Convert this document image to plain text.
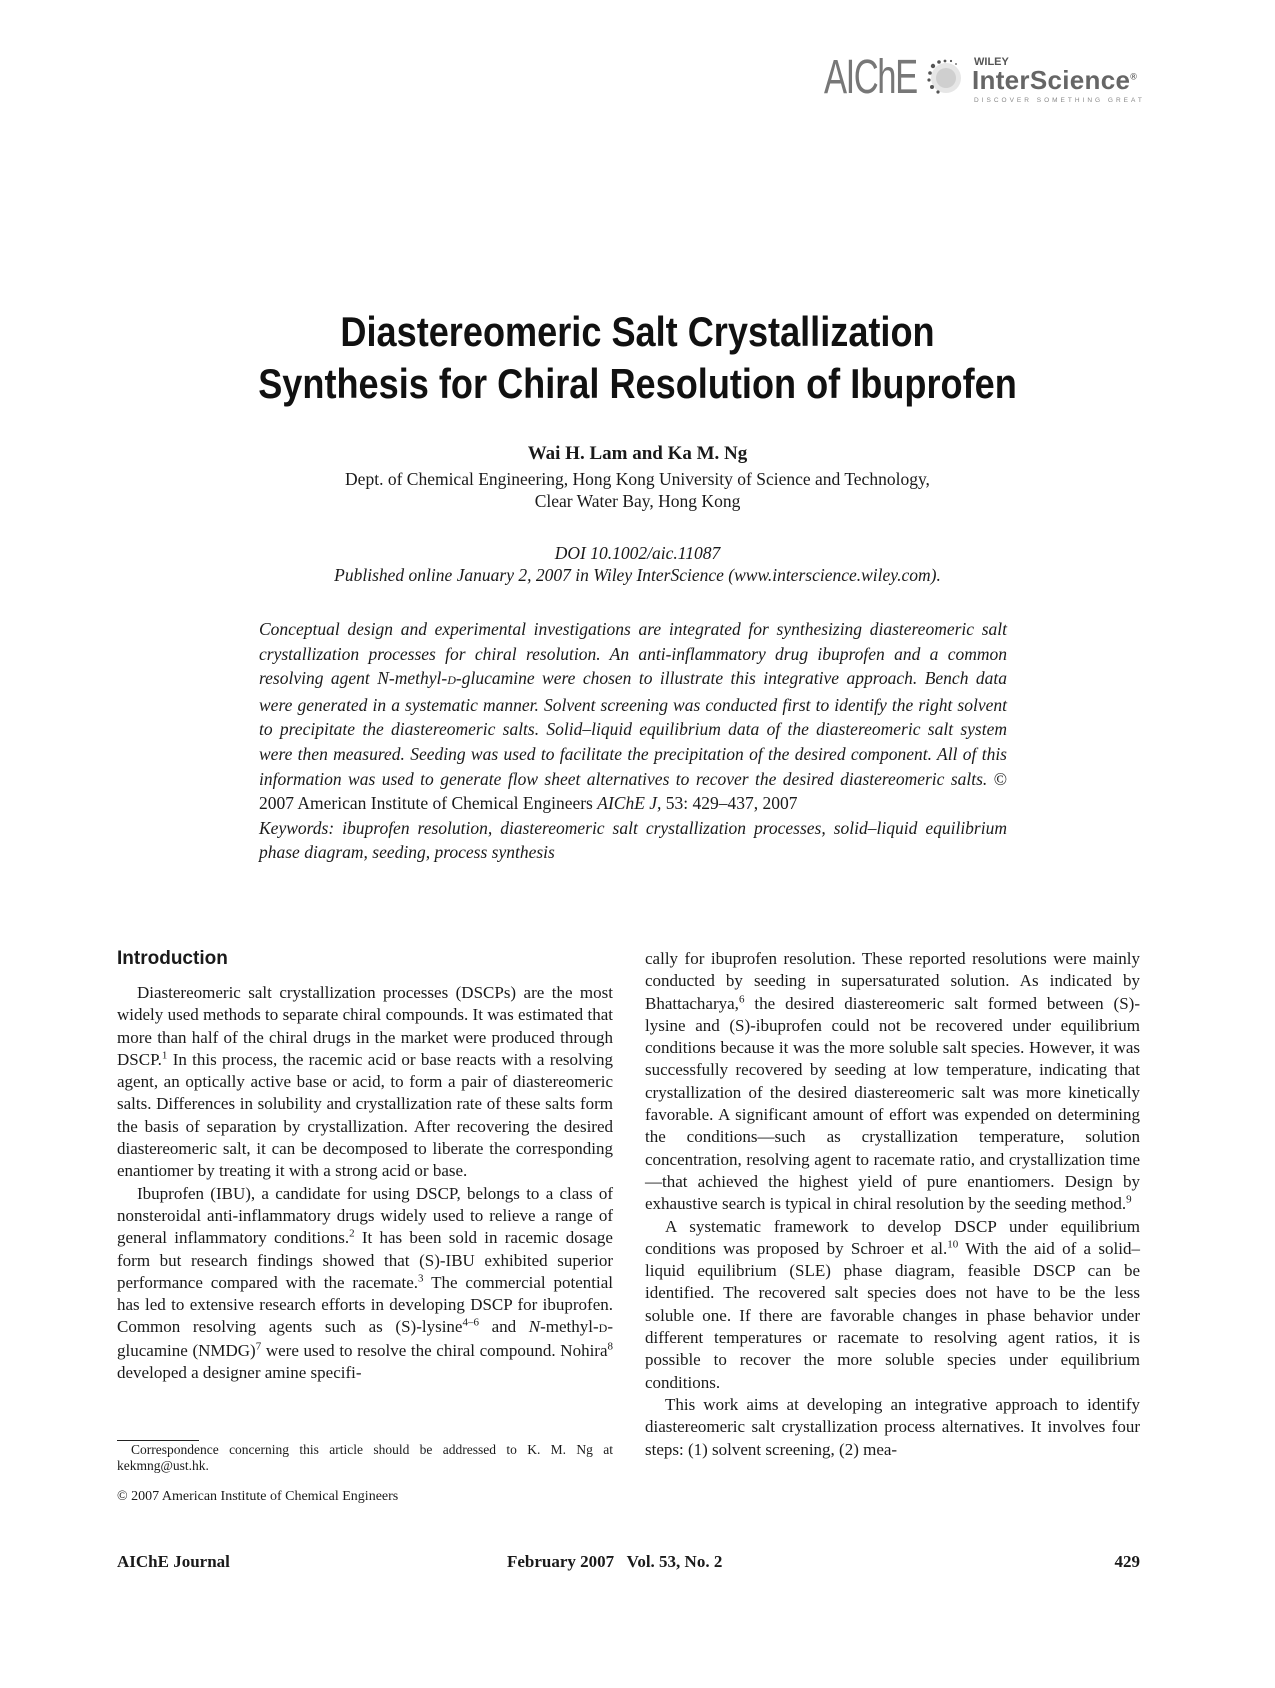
AIChE	WILEY
InterScience®
DISCOVER SOMETHING GREAT
Diastereomeric Salt Crystallization
Synthesis for Chiral Resolution of Ibuprofen
Wai H. Lam and Ka M. Ng
Dept. of Chemical Engineering, Hong Kong University of Science and Technology,
Clear Water Bay, Hong Kong
DOI 10.1002/aic.11087
Published online January 2, 2007 in Wiley InterScience (www.interscience.wiley.com).
Conceptual design and experimental investigations are integrated for synthesizing diastereomeric salt crystallization processes for chiral resolution. An anti-inflammatory drug ibuprofen and a common resolving agent N-methyl-D-glucamine were chosen to illustrate this integrative approach. Bench data were generated in a systematic manner. Solvent screening was conducted first to identify the right solvent to precipitate the diastereomeric salts. Solid–liquid equilibrium data of the diastereomeric salt system were then measured. Seeding was used to facilitate the precipitation of the desired component. All of this information was used to generate flow sheet alternatives to recover the desired diastereomeric salts. © 2007 American Institute of Chemical Engineers AIChE J, 53: 429–437, 2007
Keywords: ibuprofen resolution, diastereomeric salt crystallization processes, solid–liquid equilibrium phase diagram, seeding, process synthesis
Introduction

Diastereomeric salt crystallization processes (DSCPs) are the most widely used methods to separate chiral compounds. It was estimated that more than half of the chiral drugs in the market were produced through DSCP.$^1$ In this process, the racemic acid or base reacts with a resolving agent, an optically active base or acid, to form a pair of diastereomeric salts. Differences in solubility and crystallization rate of these salts form the basis of separation by crystallization. After recovering the desired diastereomeric salt, it can be decomposed to liberate the corresponding enantiomer by treating it with a strong acid or base.

Ibuprofen (IBU), a candidate for using DSCP, belongs to a class of nonsteroidal anti-inflammatory drugs widely used to relieve a range of general inflammatory conditions.$^2$ It has been sold in racemic dosage form but research findings showed that (S)-IBU exhibited superior performance compared with the racemate.$^3$ The commercial potential has led to extensive research efforts in developing DSCP for ibuprofen. Common resolving agents such as (S)-lysine$^{4-6}$ and N-methyl-D-glucamine (NMDG)$^7$ were used to resolve the chiral compound. Nohira$^8$ developed a designer amine specifi-

cally for ibuprofen resolution. These reported resolutions were mainly conducted by seeding in supersaturated solution. As indicated by Bhattacharya,$^6$ the desired diastereomeric salt formed between (S)-lysine and (S)-ibuprofen could not be recovered under equilibrium conditions because it was the more soluble salt species. However, it was successfully recovered by seeding at low temperature, indicating that crystallization of the desired diastereomeric salt was more kinetically favorable. A significant amount of effort was expended on determining the conditions—such as crystallization temperature, solution concentration, resolving agent to racemate ratio, and crystallization time—that achieved the highest yield of pure enantiomers. Design by exhaustive search is typical in chiral resolution by the seeding method.$^9$

A systematic framework to develop DSCP under equilibrium conditions was proposed by Schroer et al.$^{10}$ With the aid of a solid–liquid equilibrium (SLE) phase diagram, feasible DSCP can be identified. The recovered salt species does not have to be the less soluble one. If there are favorable changes in phase behavior under different temperatures or racemate to resolving agent ratios, it is possible to recover the more soluble species under equilibrium conditions.

This work aims at developing an integrative approach to identify diastereomeric salt crystallization process alternatives. It involves four steps: (1) solvent screening, (2) mea-

Correspondence concerning this article should be addressed to K. M. Ng at kekmng@ust.hk.

© 2007 American Institute of Chemical Engineers
AIChE Journal	February 2007   Vol. 53, No. 2	429
